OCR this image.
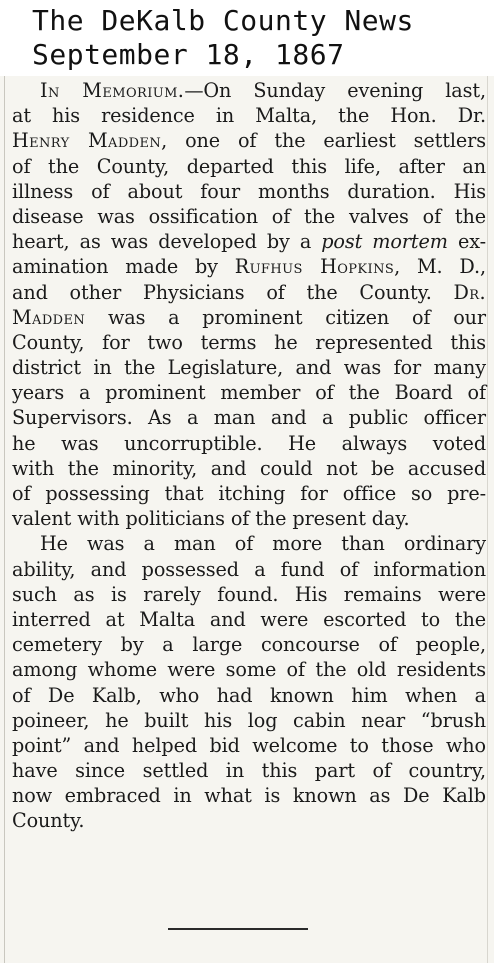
The DeKalb County News
September 18, 1867
In Memorium.—On Sunday evening last,
at his residence in Malta, the Hon. Dr.
Henry Madden, one of the earliest settlers
of the County, departed this life, after an
illness of about four months duration. His
disease was ossification of the valves of the
heart, as was developed by a post mortem ex-
amination made by Rufhus Hopkins, M. D.,
and other Physicians of the County. Dr.
Madden was a prominent citizen of our
County, for two terms he represented this
district in the Legislature, and was for many
years a prominent member of the Board of
Supervisors. As a man and a public officer
he was uncorruptible. He always voted
with the minority, and could not be accused
of possessing that itching for office so pre-
valent with politicians of the present day.
He was a man of more than ordinary
ability, and possessed a fund of information
such as is rarely found. His remains were
interred at Malta and were escorted to the
cemetery by a large concourse of people,
among whome were some of the old residents
of De Kalb, who had known him when a
poineer, he built his log cabin near “brush
point” and helped bid welcome to those who
have since settled in this part of country,
now embraced in what is known as De Kalb
County.
